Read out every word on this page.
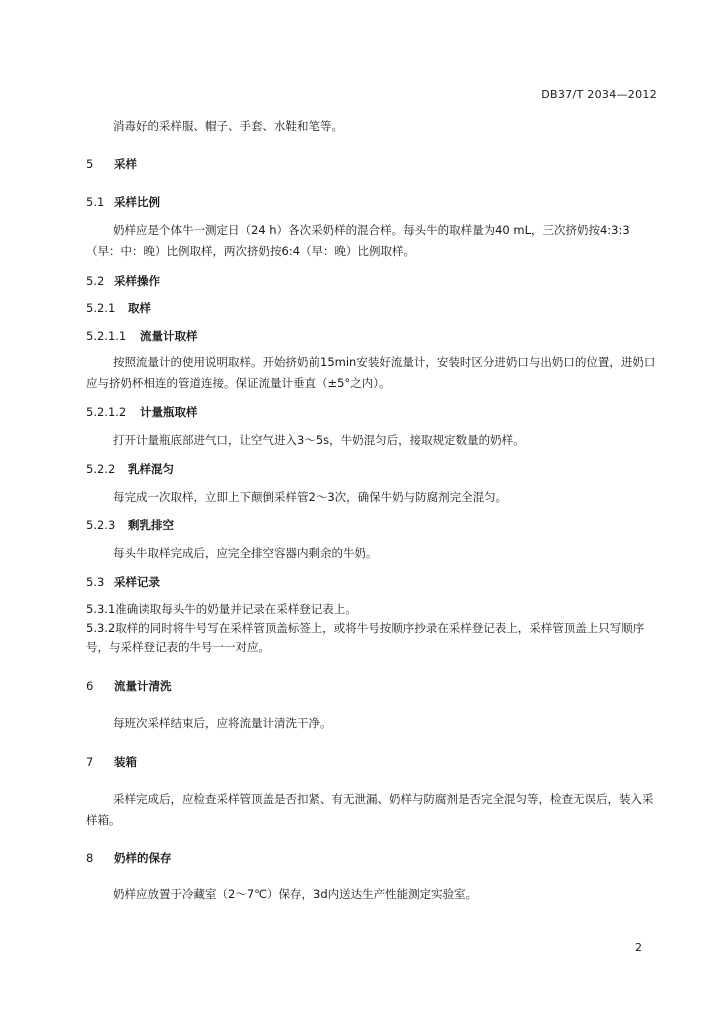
DB37/T 2034—2012
消毒好的采样服、帽子、手套、水鞋和笔等。
5 采样
5.1 采样比例
奶样应是个体牛一测定日（24 h）各次采奶样的混合样。每头牛的取样量为40 mL，三次挤奶按4:3:3（早：中：晚）比例取样，两次挤奶按6:4（早：晚）比例取样。
5.2 采样操作
5.2.1 取样
5.2.1.1 流量计取样
按照流量计的使用说明取样。开始挤奶前15min安装好流量计，安装时区分进奶口与出奶口的位置，进奶口应与挤奶杯相连的管道连接。保证流量计垂直（±5°之内）。
5.2.1.2 计量瓶取样
打开计量瓶底部进气口，让空气进入3～5s，牛奶混匀后，接取规定数量的奶样。
5.2.2 乳样混匀
每完成一次取样，立即上下颠倒采样管2～3次，确保牛奶与防腐剂完全混匀。
5.2.3 剩乳排空
每头牛取样完成后，应完全排空容器内剩余的牛奶。
5.3 采样记录
5.3.1准确读取每头牛的奶量并记录在采样登记表上。
5.3.2取样的同时将牛号写在采样管顶盖标签上，或将牛号按顺序抄录在采样登记表上，采样管顶盖上只写顺序号，与采样登记表的牛号一一对应。
6 流量计清洗
每班次采样结束后，应将流量计清洗干净。
7 装箱
采样完成后，应检查采样管顶盖是否扣紧、有无泄漏、奶样与防腐剂是否完全混匀等，检查无误后，装入采样箱。
8 奶样的保存
奶样应放置于冷藏室（2～7℃）保存，3d内送达生产性能测定实验室。
2
